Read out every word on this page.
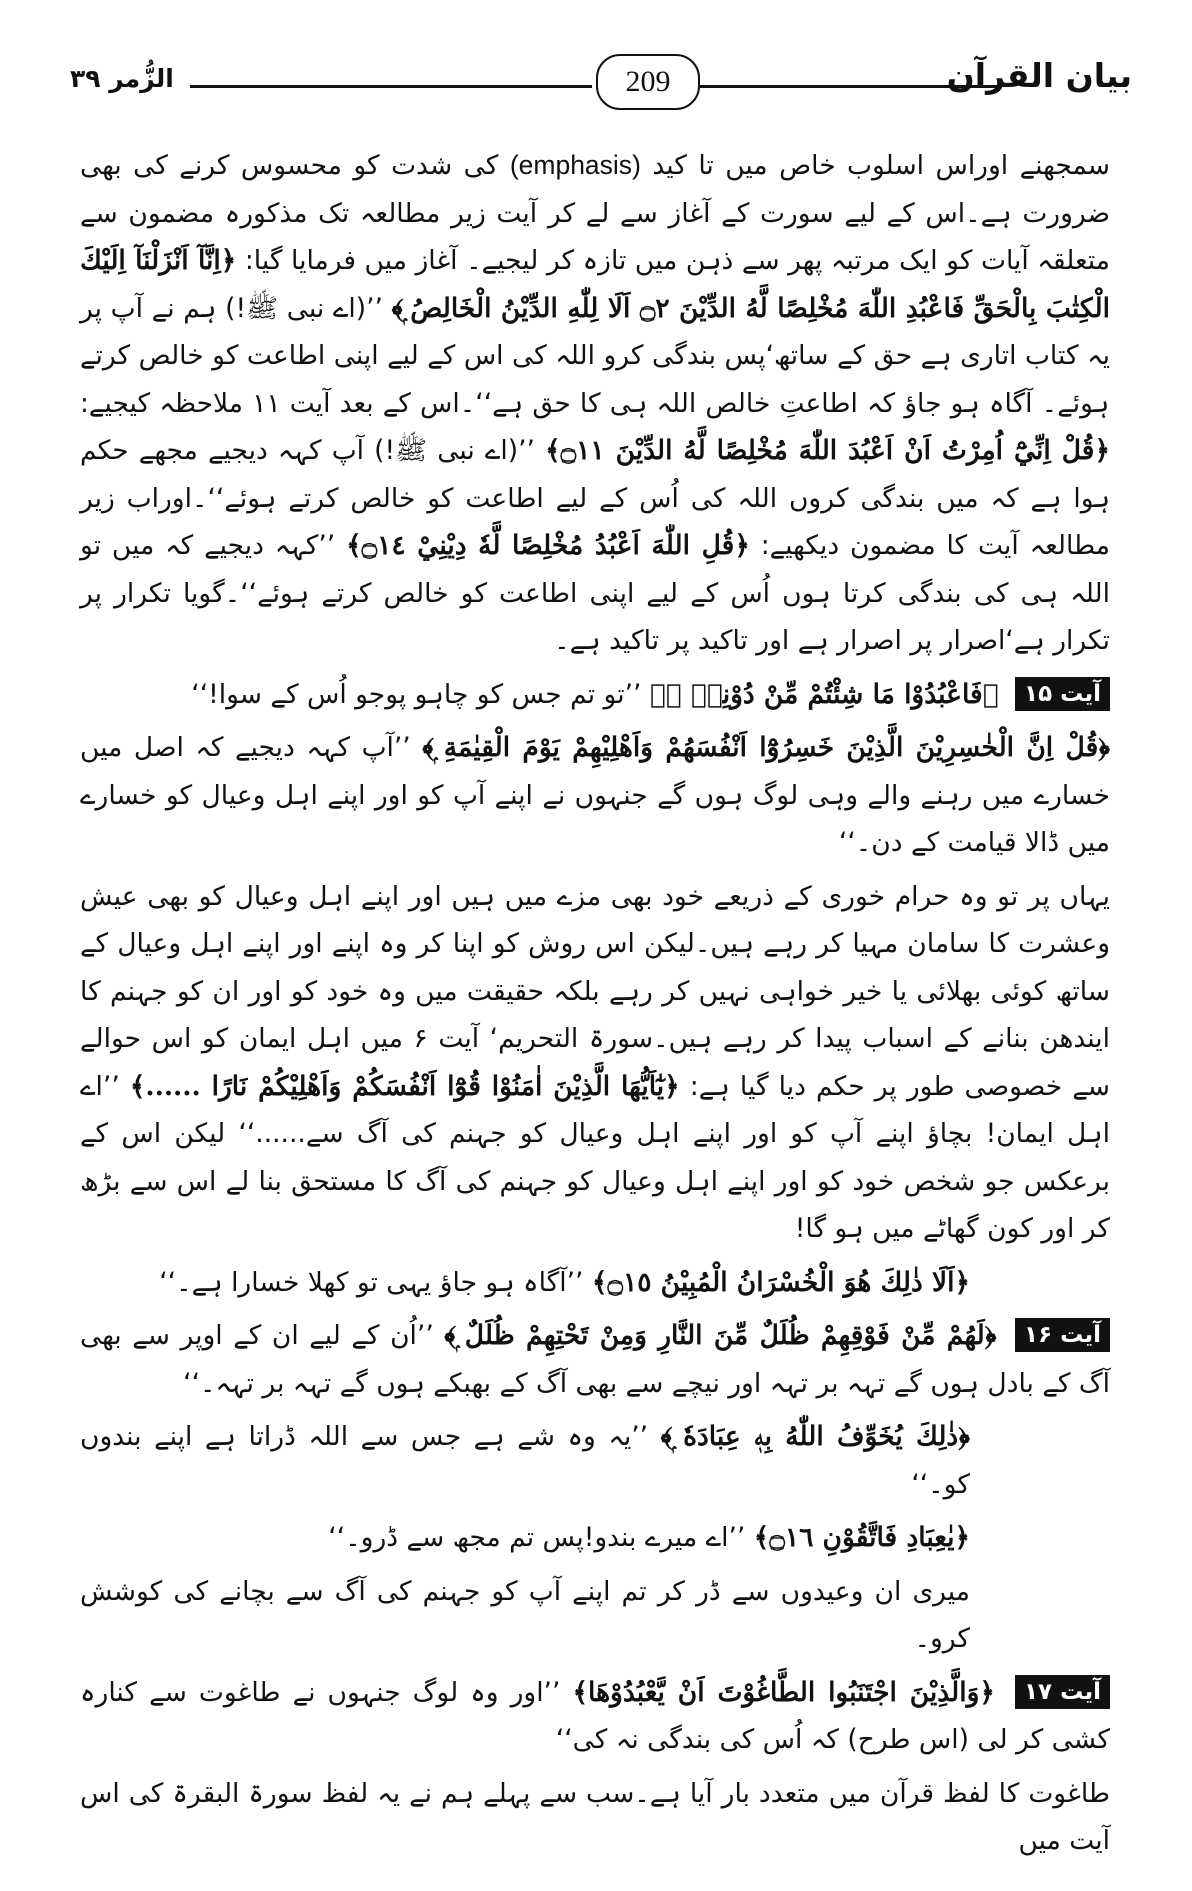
الزُّمر ۳۹	209	بیان القرآن

سمجھنے اوراس اسلوب خاص میں تا کید (emphasis) کی شدت کو محسوس کرنے کی بھی ضرورت ہے۔اس کے لیے سورت کے آغاز سے لے کر آیت زیر مطالعہ تک مذکورہ مضمون سے متعلقہ آیات کو ایک مرتبہ پھر سے ذہن میں تازہ کر لیجیے۔ آغاز میں فرمایا گیا: ﴿اِنَّآ اَنْزَلْنَآ اِلَيْكَ الْكِتٰبَ بِالْحَقِّ فَاعْبُدِ اللّٰهَ مُخْلِصًا لَّهُ الدِّيْنَ ۝٢ اَلَا لِلّٰهِ الدِّيْنُ الْخَالِصُ ۭ﴾ ’’(اے نبی ﷺ!) ہم نے آپ پر یہ کتاب اتاری ہے حق کے ساتھ‘پس بندگی کرو اللہ کی اس کے لیے اپنی اطاعت کو خالص کرتے ہوئے۔ آگاہ ہو جاؤ کہ اطاعتِ خالص اللہ ہی کا حق ہے‘‘۔اس کے بعد آیت ۱۱ ملاحظہ کیجیے: ﴿قُلْ اِنِّيْٓ اُمِرْتُ اَنْ اَعْبُدَ اللّٰهَ مُخْلِصًا لَّهُ الدِّيْنَ ۝١١﴾ ’’(اے نبی ﷺ!) آپ کہہ دیجیے مجھے حکم ہوا ہے کہ میں بندگی کروں اللہ کی اُس کے لیے اطاعت کو خالص کرتے ہوئے‘‘۔اوراب زیر مطالعہ آیت کا مضمون دیکھیے: ﴿قُلِ اللّٰهَ اَعْبُدُ مُخْلِصًا لَّهٗ دِيْنِيْ ۝١٤﴾ ’’کہہ دیجیے کہ میں تو اللہ ہی کی بندگی کرتا ہوں اُس کے لیے اپنی اطاعت کو خالص کرتے ہوئے‘‘۔گویا تکرار پر تکرار ہے‘اصرار پر اصرار ہے اور تاکید پر تاکید ہے۔

آیت ۱۵ ﴿فَاعْبُدُوْا مَا شِئْتُمْ مِّنْ دُوْنِهٖ ۭ﴾ ’’تو تم جس کو چاہو پوجو اُس کے سوا!‘‘

﴿قُلْ اِنَّ الْخٰسِرِيْنَ الَّذِيْنَ خَسِرُوْٓا اَنْفُسَهُمْ وَاَهْلِيْهِمْ يَوْمَ الْقِيٰمَةِ ۭ﴾ ’’آپ کہہ دیجیے کہ اصل میں خسارے میں رہنے والے وہی لوگ ہوں گے جنہوں نے اپنے آپ کو اور اپنے اہل وعیال کو خسارے میں ڈالا قیامت کے دن۔‘‘

یہاں پر تو وہ حرام خوری کے ذریعے خود بھی مزے میں ہیں اور اپنے اہل وعیال کو بھی عیش وعشرت کا سامان مہیا کر رہے ہیں۔لیکن اس روش کو اپنا کر وہ اپنے اور اپنے اہل وعیال کے ساتھ کوئی بھلائی یا خیر خواہی نہیں کر رہے بلکہ حقیقت میں وہ خود کو اور ان کو جہنم کا ایندھن بنانے کے اسباب پیدا کر رہے ہیں۔سورۃ التحریم‘ آیت ۶ میں اہل ایمان کو اس حوالے سے خصوصی طور پر حکم دیا گیا ہے: ﴿يٰٓاَيُّهَا الَّذِيْنَ اٰمَنُوْا قُوْٓا اَنْفُسَكُمْ وَاَهْلِيْكُمْ نَارًا ......﴾ ’’اے اہل ایمان! بچاؤ اپنے آپ کو اور اپنے اہل وعیال کو جہنم کی آگ سے......‘‘ لیکن اس کے برعکس جو شخص خود کو اور اپنے اہل وعیال کو جہنم کی آگ کا مستحق بنا لے اس سے بڑھ کر اور کون گھاٹے میں ہو گا!

﴿اَلَا ذٰلِكَ هُوَ الْخُسْرَانُ الْمُبِيْنُ ۝١٥﴾ ’’آگاہ ہو جاؤ یہی تو کھلا خسارا ہے۔‘‘

آیت ۱۶ ﴿لَهُمْ مِّنْ فَوْقِهِمْ ظُلَلٌ مِّنَ النَّارِ وَمِنْ تَحْتِهِمْ ظُلَلٌ ۭ﴾ ’’اُن کے لیے ان کے اوپر سے بھی آگ کے بادل ہوں گے تہہ بر تہہ اور نیچے سے بھی آگ کے بھبکے ہوں گے تہہ بر تہہ۔‘‘

﴿ذٰلِكَ يُخَوِّفُ اللّٰهُ بِهٖ عِبَادَهٗ ۭ﴾ ’’یہ وہ شے ہے جس سے اللہ ڈراتا ہے اپنے بندوں کو۔‘‘

﴿يٰعِبَادِ فَاتَّقُوْنِ ۝١٦﴾ ’’اے میرے بندو!پس تم مجھ سے ڈرو۔‘‘

میری ان وعیدوں سے ڈر کر تم اپنے آپ کو جہنم کی آگ سے بچانے کی کوشش کرو۔

آیت ۱۷ ﴿وَالَّذِيْنَ اجْتَنَبُوا الطَّاغُوْتَ اَنْ يَّعْبُدُوْهَا﴾ ’’اور وہ لوگ جنہوں نے طاغوت سے کنارہ کشی کر لی (اس طرح) کہ اُس کی بندگی نہ کی‘‘

طاغوت کا لفظ قرآن میں متعدد بار آیا ہے۔سب سے پہلے ہم نے یہ لفظ سورۃ البقرۃ کی اس آیت میں
